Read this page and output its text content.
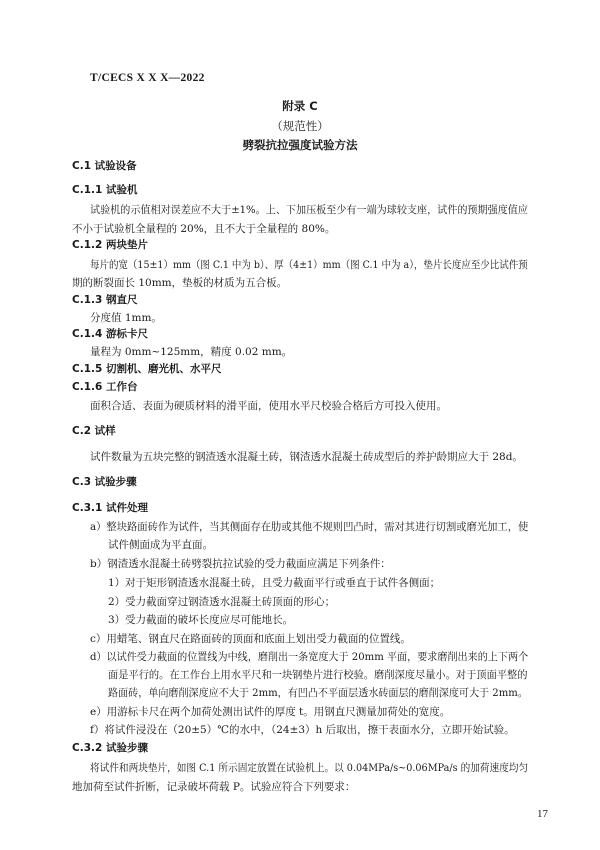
T/CECS X X X—2022
附录 C
（规范性）
劈裂抗拉强度试验方法
C.1 试验设备
C.1.1 试验机
试验机的示值相对误差应不大于±1%。上、下加压板至少有一端为球较支座，试件的预期强度值应
不小于试验机全量程的 20%，且不大于全量程的 80%。
C.1.2 两块垫片
每片的宽（15±1）mm（图 C.1 中为 b）、厚（4±1）mm（图 C.1 中为 a），垫片长度应至少比试件预
期的断裂面长 10mm，垫板的材质为五合板。
C.1.3 钢直尺
分度值 1mm。
C.1.4 游标卡尺
量程为 0mm~125mm，精度 0.02 mm。
C.1.5 切割机、磨光机、水平尺
C.1.6 工作台
面积合适、表面为硬质材料的滑平面，使用水平尺校验合格后方可投入使用。
C.2 试样
试件数量为五块完整的钢渣透水混凝土砖，钢渣透水混凝土砖成型后的养护龄期应大于 28d。
C.3 试验步骤
C.3.1 试件处理
a）整块路面砖作为试件，当其侧面存在肋或其他不规则凹凸时，需对其进行切割或磨光加工，使
试件侧面成为平直面。
b）钢渣透水混凝土砖劈裂抗拉试验的受力截面应满足下列条件：
1）对于矩形钢渣透水混凝土砖，且受力截面平行或垂直于试件各侧面；
2）受力截面穿过钢渣透水混凝土砖顶面的形心；
3）受力截面的破坏长度应尽可能地长。
c）用蜡笔、钢直尺在路面砖的顶面和底面上划出受力截面的位置线。
d）以试件受力截面的位置线为中线，磨削出一条宽度大于 20mm 平面，要求磨削出来的上下两个
面是平行的。在工作台上用水平尺和一块钢垫片进行校验。磨削深度尽量小。对于顶面平整的
路面砖，单向磨削深度应不大于 2mm，有凹凸不平面层透水砖面层的磨削深度可大于 2mm。
e）用游标卡尺在两个加荷处测出试件的厚度 t。用钢直尺测量加荷处的宽度。
f）将试件浸没在（20±5）℃的水中，（24±3）h 后取出，擦干表面水分，立即开始试验。
C.3.2 试验步骤
将试件和两块垫片，如图 C.1 所示固定放置在试验机上。以 0.04MPa/s~0.06MPa/s 的加荷速度均匀
地加荷至试件折断，记录破坏荷载 P。试验应符合下列要求：
17
